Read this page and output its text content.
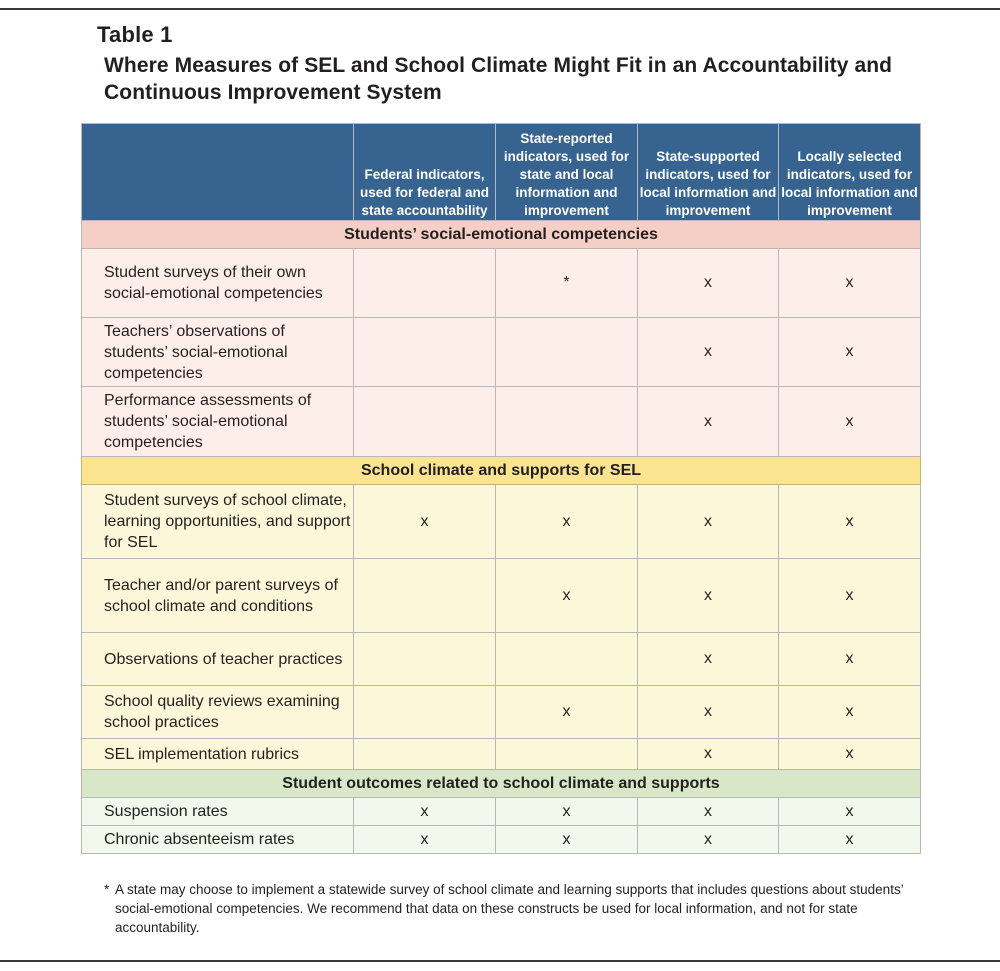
Table 1
Where Measures of SEL and School Climate Might Fit in an Accountability and Continuous Improvement System
	Federal indicators, used for federal and state accountability	State-reported indicators, used for state and local information and improvement	State-supported indicators, used for local information and improvement	Locally selected indicators, used for local information and improvement
Students’ social-emotional competencies				
Student surveys of their own social-emotional competencies		*	x	x
Teachers’ observations of students’ social-emotional competencies			x	x
Performance assessments of students’ social-emotional competencies			x	x
School climate and supports for SEL				
Student surveys of school climate, learning opportunities, and support for SEL	x	x	x	x
Teacher and/or parent surveys of school climate and conditions		x	x	x
Observations of teacher practices			x	x
School quality reviews examining school practices		x	x	x
SEL implementation rubrics			x	x
Student outcomes related to school climate and supports				
Suspension rates	x	x	x	x
Chronic absenteeism rates	x	x	x	x
* A state may choose to implement a statewide survey of school climate and learning supports that includes questions about students’ social-emotional competencies. We recommend that data on these constructs be used for local information, and not for state accountability.
